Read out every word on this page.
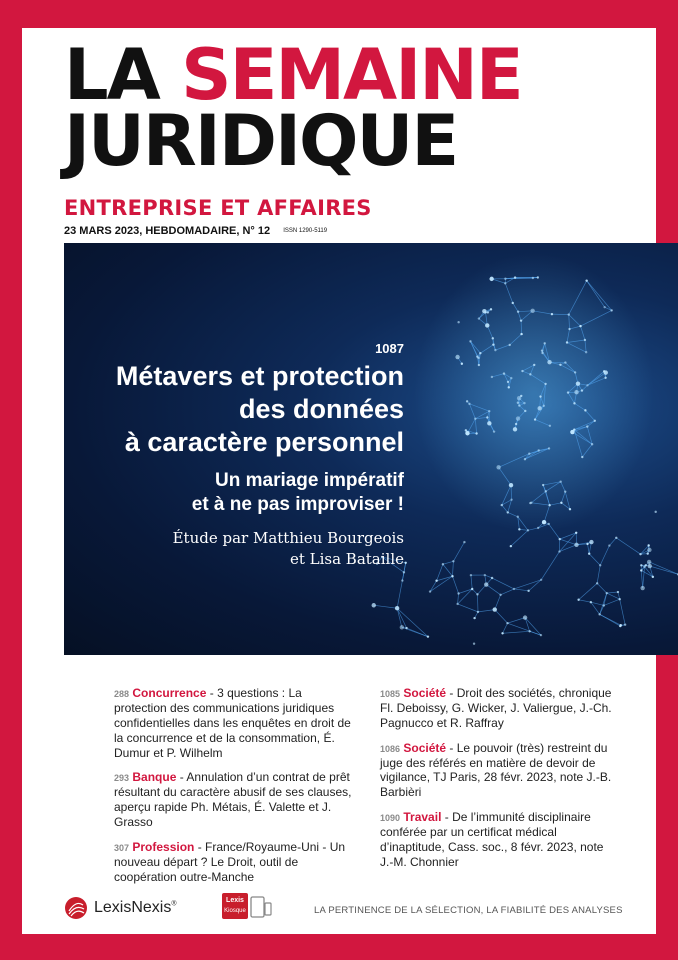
LA SEMAINE
JURIDIQUE
ENTREPRISE ET AFFAIRES
23 MARS 2023, HEBDOMADAIRE, N° 12 ISSN 1290-5119
1087
Métavers et protection
des données
à caractère personnel
Un mariage impératif
et à ne pas improviser !
Étude par Matthieu Bourgeois
et Lisa Bataille
288 Concurrence - 3 questions : La protection des communications juridiques confidentielles dans les enquêtes en droit de la concurrence et de la consommation, É. Dumur et P. Wilhelm
293 Banque - Annulation d’un contrat de prêt résultant du caractère abusif de ses clauses, aperçu rapide Ph. Métais, É. Valette et J. Grasso
307 Profession - France/Royaume-Uni - Un nouveau départ ? Le Droit, outil de coopération outre-Manche
1085 Société - Droit des sociétés, chronique Fl. Deboissy, G. Wicker, J. Valiergue, J.-Ch. Pagnucco et R. Raffray
1086 Société - Le pouvoir (très) restreint du juge des référés en matière de devoir de vigilance, TJ Paris, 28 févr. 2023, note J.-B. Barbièri
1090 Travail - De l’immunité disciplinaire conférée par un certificat médical d’inaptitude, Cass. soc., 8 févr. 2023, note J.-M. Chonnier
LexisNexis®
Lexis
Kiosque	LA PERTINENCE DE LA SÉLECTION, LA FIABILITÉ DES ANALYSES
